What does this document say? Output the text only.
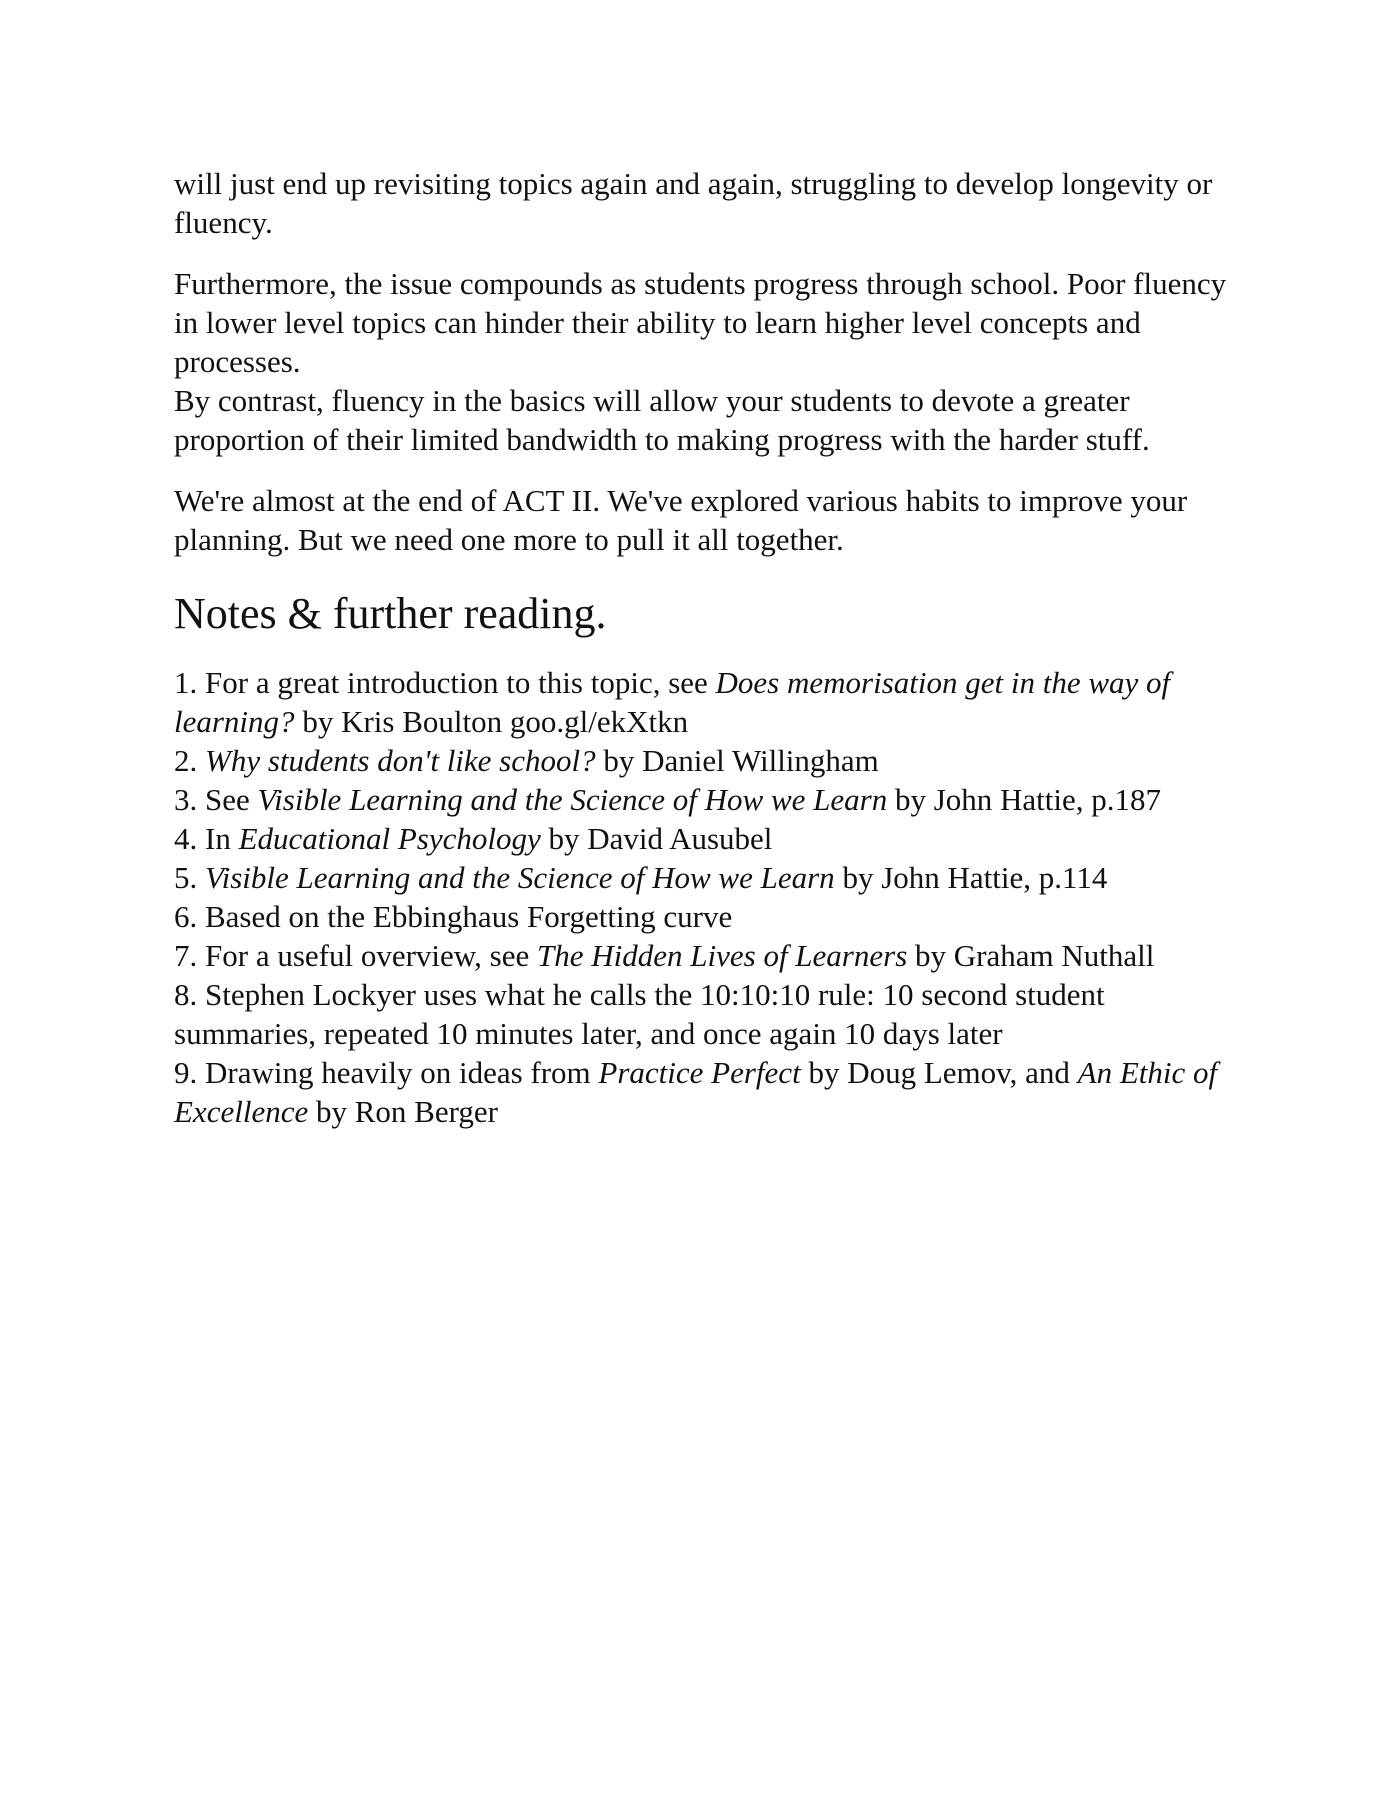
will just end up revisiting topics again and again, struggling to develop longevity or fluency.

Furthermore, the issue compounds as students progress through school. Poor fluency in lower level topics can hinder their ability to learn higher level concepts and processes.

By contrast, fluency in the basics will allow your students to devote a greater proportion of their limited bandwidth to making progress with the harder stuff.

We're almost at the end of ACT II. We've explored various habits to improve your planning. But we need one more to pull it all together.

Notes & further reading.
1. For a great introduction to this topic, see Does memorisation get in the way of learning? by Kris Boulton goo.gl/ekXtkn
2. Why students don't like school? by Daniel Willingham
3. See Visible Learning and the Science of How we Learn by John Hattie, p.187
4. In Educational Psychology by David Ausubel
5. Visible Learning and the Science of How we Learn by John Hattie, p.114
6. Based on the Ebbinghaus Forgetting curve
7. For a useful overview, see The Hidden Lives of Learners by Graham Nuthall
8. Stephen Lockyer uses what he calls the 10:10:10 rule: 10 second student summaries, repeated 10 minutes later, and once again 10 days later
9. Drawing heavily on ideas from Practice Perfect by Doug Lemov, and An Ethic of Excellence by Ron Berger
